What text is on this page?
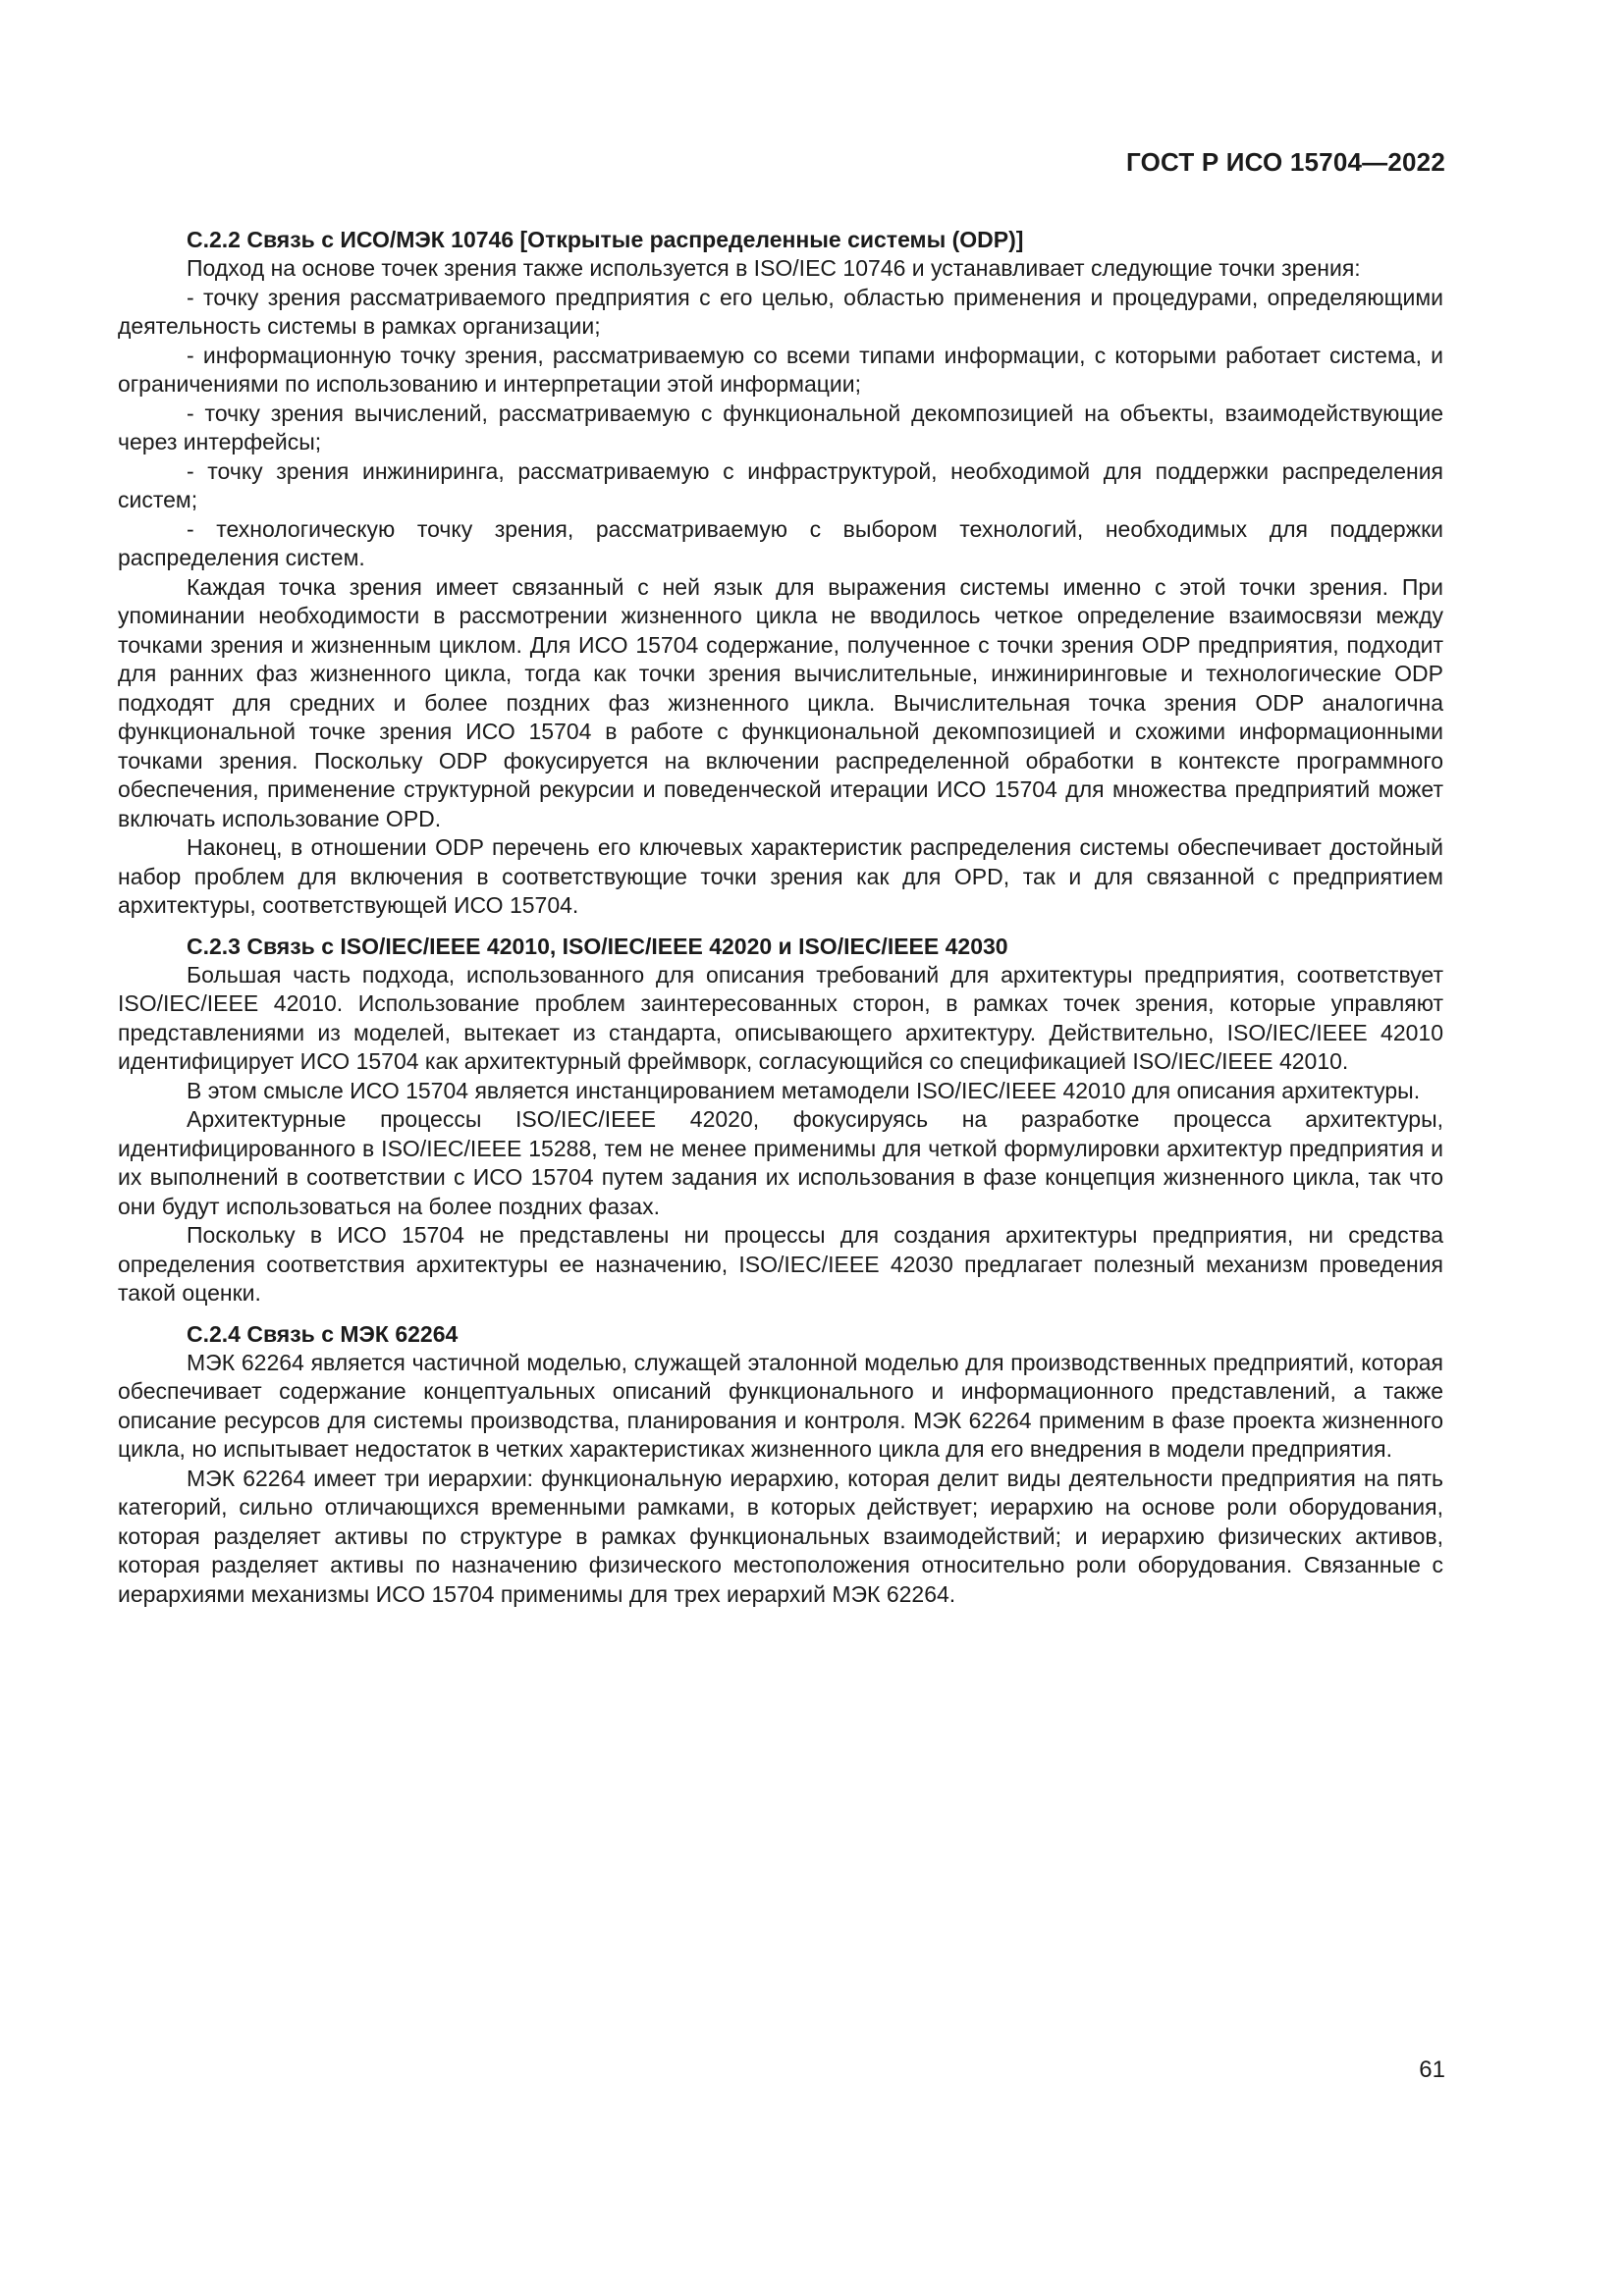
ГОСТ Р ИСО 15704—2022

С.2.2 Связь с ИСО/МЭК 10746 [Открытые распределенные системы (ODP)]

Подход на основе точек зрения также используется в ISO/IEC 10746 и устанавливает следующие точки зрения:

- точку зрения рассматриваемого предприятия с его целью, областью применения и процедурами, определяющими деятельность системы в рамках организации;

- информационную точку зрения, рассматриваемую со всеми типами информации, с которыми работает система, и ограничениями по использованию и интерпретации этой информации;

- точку зрения вычислений, рассматриваемую с функциональной декомпозицией на объекты, взаимодействующие через интерфейсы;

- точку зрения инжиниринга, рассматриваемую с инфраструктурой, необходимой для поддержки распределения систем;

- технологическую точку зрения, рассматриваемую с выбором технологий, необходимых для поддержки распределения систем.

Каждая точка зрения имеет связанный с ней язык для выражения системы именно с этой точки зрения. При упоминании необходимости в рассмотрении жизненного цикла не вводилось четкое определение взаимосвязи между точками зрения и жизненным циклом. Для ИСО 15704 содержание, полученное с точки зрения ODP предприятия, подходит для ранних фаз жизненного цикла, тогда как точки зрения вычислительные, инжиниринговые и технологические ODP подходят для средних и более поздних фаз жизненного цикла. Вычислительная точка зрения ODP аналогична функциональной точке зрения ИСО 15704 в работе с функциональной декомпозицией и схожими информационными точками зрения. Поскольку ODP фокусируется на включении распределенной обработки в контексте программного обеспечения, применение структурной рекурсии и поведенческой итерации ИСО 15704 для множества предприятий может включать использование OPD.

Наконец, в отношении ODP перечень его ключевых характеристик распределения системы обеспечивает достойный набор проблем для включения в соответствующие точки зрения как для OPD, так и для связанной с предприятием архитектуры, соответствующей ИСО 15704.

С.2.3 Связь с ISO/IEC/IEEE 42010, ISO/IEC/IEEE 42020 и ISO/IEC/IEEE 42030

Большая часть подхода, использованного для описания требований для архитектуры предприятия, соответствует ISO/IEC/IEEE 42010. Использование проблем заинтересованных сторон, в рамках точек зрения, которые управляют представлениями из моделей, вытекает из стандарта, описывающего архитектуру. Действительно, ISO/IEC/IEEE 42010 идентифицирует ИСО 15704 как архитектурный фреймворк, согласующийся со спецификацией ISO/IEC/IEEE 42010.

В этом смысле ИСО 15704 является инстанцированием метамодели ISO/IEC/IEEE 42010 для описания архитектуры.

Архитектурные процессы ISO/IEC/IEEE 42020, фокусируясь на разработке процесса архитектуры, идентифицированного в ISO/IEC/IEEE 15288, тем не менее применимы для четкой формулировки архитектур предприятия и их выполнений в соответствии с ИСО 15704 путем задания их использования в фазе концепция жизненного цикла, так что они будут использоваться на более поздних фазах.

Поскольку в ИСО 15704 не представлены ни процессы для создания архитектуры предприятия, ни средства определения соответствия архитектуры ее назначению, ISO/IEC/IEEE 42030 предлагает полезный механизм проведения такой оценки.

С.2.4 Связь с МЭК 62264

МЭК 62264 является частичной моделью, служащей эталонной моделью для производственных предприятий, которая обеспечивает содержание концептуальных описаний функционального и информационного представлений, а также описание ресурсов для системы производства, планирования и контроля. МЭК 62264 применим в фазе проекта жизненного цикла, но испытывает недостаток в четких характеристиках жизненного цикла для его внедрения в модели предприятия.

МЭК 62264 имеет три иерархии: функциональную иерархию, которая делит виды деятельности предприятия на пять категорий, сильно отличающихся временными рамками, в которых действует; иерархию на основе роли оборудования, которая разделяет активы по структуре в рамках функциональных взаимодействий; и иерархию физических активов, которая разделяет активы по назначению физического местоположения относительно роли оборудования. Связанные с иерархиями механизмы ИСО 15704 применимы для трех иерархий МЭК 62264.

61
